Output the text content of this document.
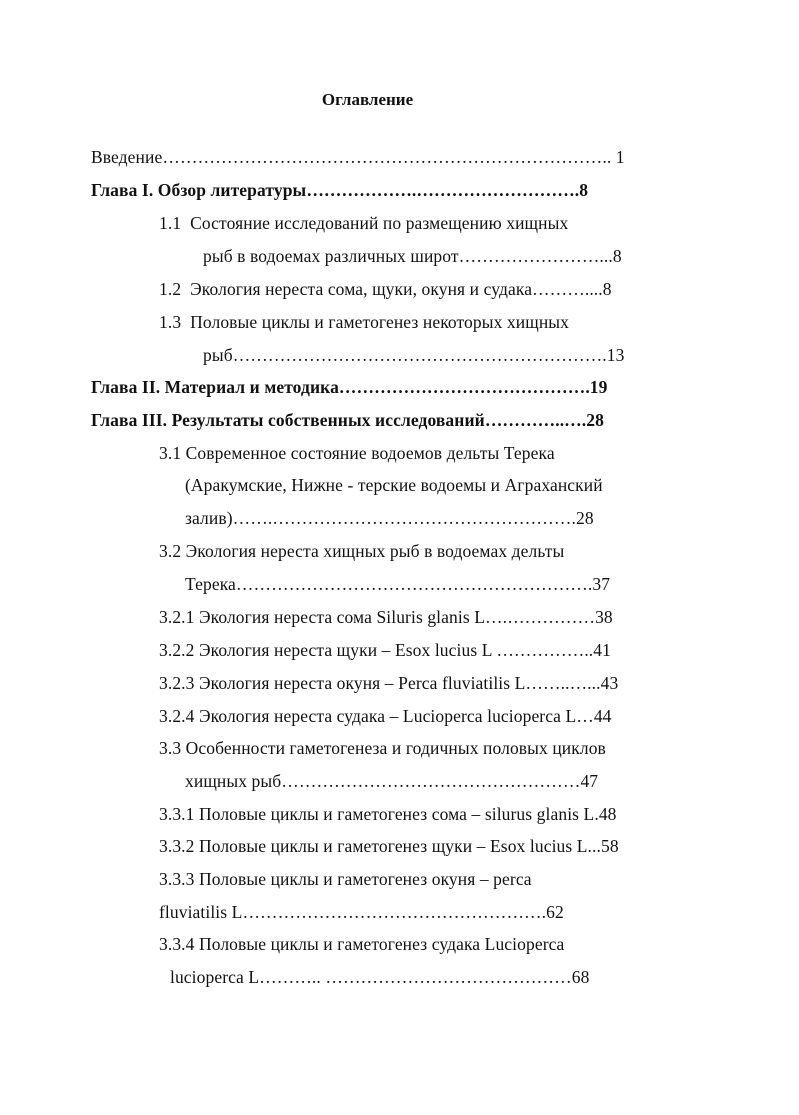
Оглавление
Введение………………………………………………………………….. 1
Глава I. Обзор литературы……………….……………………….8
1.1  Состояние исследований по размещению хищных
рыб в водоемах различных широт……………………...8
1.2  Экология нереста сома, щуки, окуня и судака………....8
1.3  Половые циклы и гаметогенез некоторых хищных
рыб……………………………………………………….13
Глава II. Материал и методика…………………………………….19
Глава III. Результаты собственных исследований…………..….28
3.1 Современное состояние водоемов дельты Терека
(Аракумские, Нижне - терские водоемы и Аграханский
залив)…….…………………………………………….28
3.2 Экология нереста хищных рыб в водоемах дельты
Терека…………………………………………………….37
3.2.1 Экология нереста сома Siluris glanis L….……………38
3.2.2 Экология нереста щуки – Esox lucius L ……………..41
3.2.3 Экология нереста окуня – Perca fluviatilis L……..…...43
3.2.4 Экология нереста судака – Lucioperca lucioperca L…44
3.3 Особенности гаметогенеза и годичных половых циклов
хищных рыб……………………………………………47
3.3.1 Половые циклы и гаметогенез сома – silurus glanis L.48
3.3.2 Половые циклы и гаметогенез щуки – Esox lucius L...58
3.3.3 Половые циклы и гаметогенез окуня – perca
fluviatilis L…………………………………………….62
3.3.4 Половые циклы и гаметогенез судака Lucioperca
lucioperca L……….. ……………………………………68
